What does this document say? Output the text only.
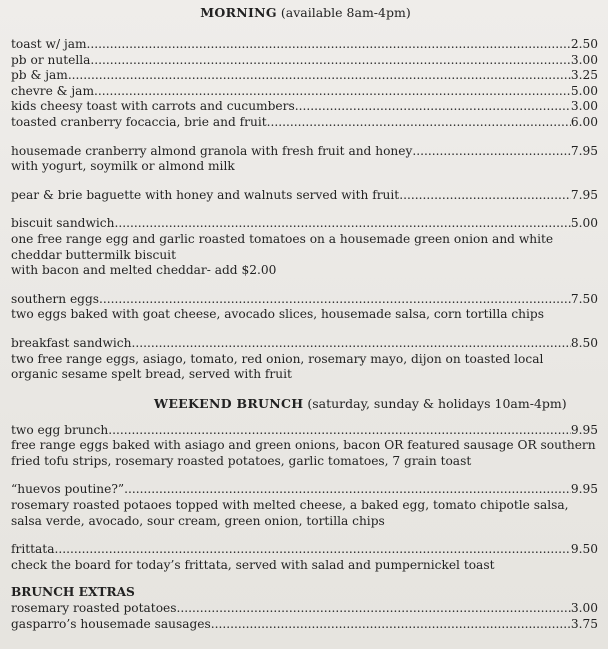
MORNING (available 8am-4pm)

toast w/ jam .....	2.50
pb or nutella .....	3.00
pb & jam .....	3.25
chevre & jam .....	5.00
kids cheesy toast with carrots and cucumbers .....	3.00
toasted cranberry focaccia, brie and fruit .....	6.00
housemade cranberry almond granola with fresh fruit and honey .....	7.95
with yogurt, soymilk or almond milk
pear & brie baguette with honey and walnuts served with fruit .....	7.95
biscuit sandwich .....	5.00
one free range egg and garlic roasted tomatoes on a housemade green onion and white
cheddar buttermilk biscuit
with bacon and melted cheddar- add $2.00
southern eggs .....	7.50
two eggs baked with goat cheese, avocado slices, housemade salsa, corn tortilla chips
breakfast sandwich .....	8.50
two free range eggs, asiago, tomato, red onion, rosemary mayo, dijon on toasted local
organic sesame spelt bread, served with fruit

WEEKEND BRUNCH (saturday, sunday & holidays 10am-4pm)

two egg brunch .....	9.95
free range eggs baked with asiago and green onions, bacon OR featured sausage OR southern
fried tofu strips, rosemary roasted potatoes, garlic tomatoes, 7 grain toast
“huevos poutine?” .....	9.95
rosemary roasted potaoes topped with melted cheese, a baked egg, tomato chipotle salsa,
salsa verde, avocado, sour cream, green onion, tortilla chips
frittata .....	9.50
check the board for today’s frittata, served with salad and pumpernickel toast
BRUNCH EXTRAS
rosemary roasted potatoes .....	3.00
gasparro’s housemade sausages .....	3.75
